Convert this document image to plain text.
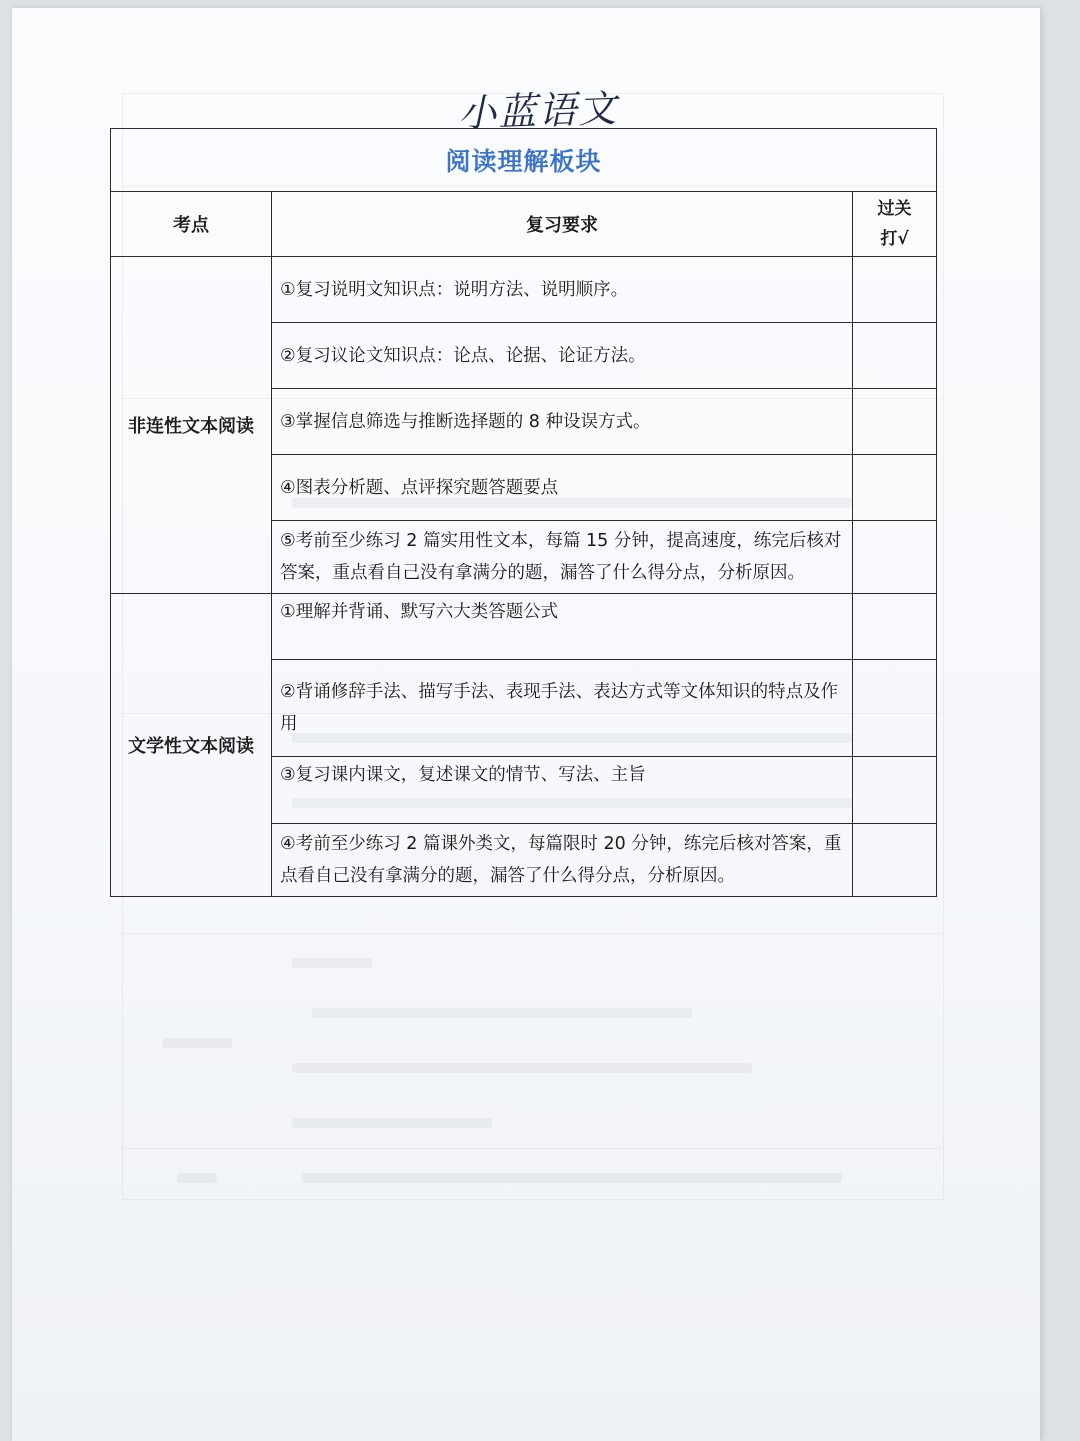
小蓝语文
阅读理解板块		
考点	复习要求	过关
打√

非连性文本阅读	①复习说明文知识点：说明方法、说明顺序。	
	②复习议论文知识点：论点、论据、论证方法。	
	③掌握信息筛选与推断选择题的 8 种设误方式。	
	④图表分析题、点评探究题答题要点	
	⑤考前至少练习 2 篇实用性文本，每篇 15 分钟，提高速度，练完后核对答案，重点看自己没有拿满分的题，漏答了什么得分点，分析原因。	
文学性文本阅读	①理解并背诵、默写六大类答题公式	
	②背诵修辞手法、描写手法、表现手法、表达方式等文体知识的特点及作用	
	③复习课内课文，复述课文的情节、写法、主旨	
	④考前至少练习 2 篇课外类文，每篇限时 20 分钟，练完后核对答案，重点看自己没有拿满分的题，漏答了什么得分点，分析原因。	
